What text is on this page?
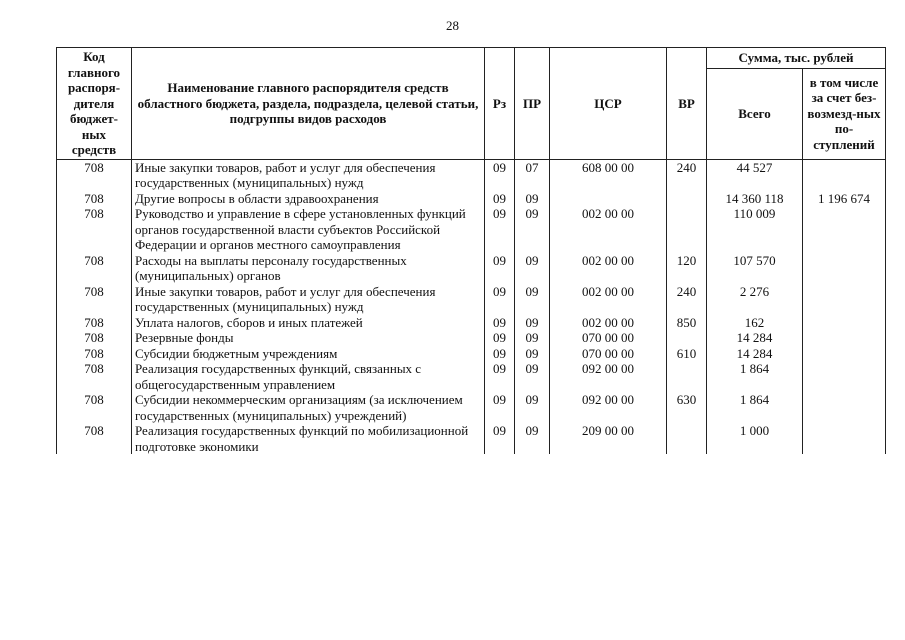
28
Код главного распоря-дителя бюджет-ных средств	Наименование главного распорядителя средств областного бюджета, раздела, подраздела, целевой статьи, подгруппы видов расходов	Рз	ПР	ЦСР	ВР	Сумма, тыс. рублей	
						Всего	в том числе за счет без-возмезд-ных по-ступлений
708	Иные закупки товаров, работ и услуг для обеспечения государственных (муниципальных) нужд	09	07	608 00 00	240	44 527	
708	Другие вопросы в области здравоохранения	09	09			14 360 118	1 196 674
708	Руководство и управление в сфере установленных функций органов государственной власти субъектов Российской Федерации и органов местного самоуправления	09	09	002 00 00		110 009	
708	Расходы на выплаты персоналу государственных (муниципальных) органов	09	09	002 00 00	120	107 570	
708	Иные закупки товаров, работ и услуг для обеспечения государственных (муниципальных) нужд	09	09	002 00 00	240	2 276	
708	Уплата налогов, сборов и иных платежей	09	09	002 00 00	850	162	
708	Резервные фонды	09	09	070 00 00		14 284	
708	Субсидии бюджетным учреждениям	09	09	070 00 00	610	14 284	
708	Реализация государственных функций, связанных с общегосударственным управлением	09	09	092 00 00		1 864	
708	Субсидии некоммерческим организациям (за исключением государственных (муниципальных) учреждений)	09	09	092 00 00	630	1 864	
708	Реализация государственных функций по мобилизационной подготовке экономики	09	09	209 00 00		1 000	
